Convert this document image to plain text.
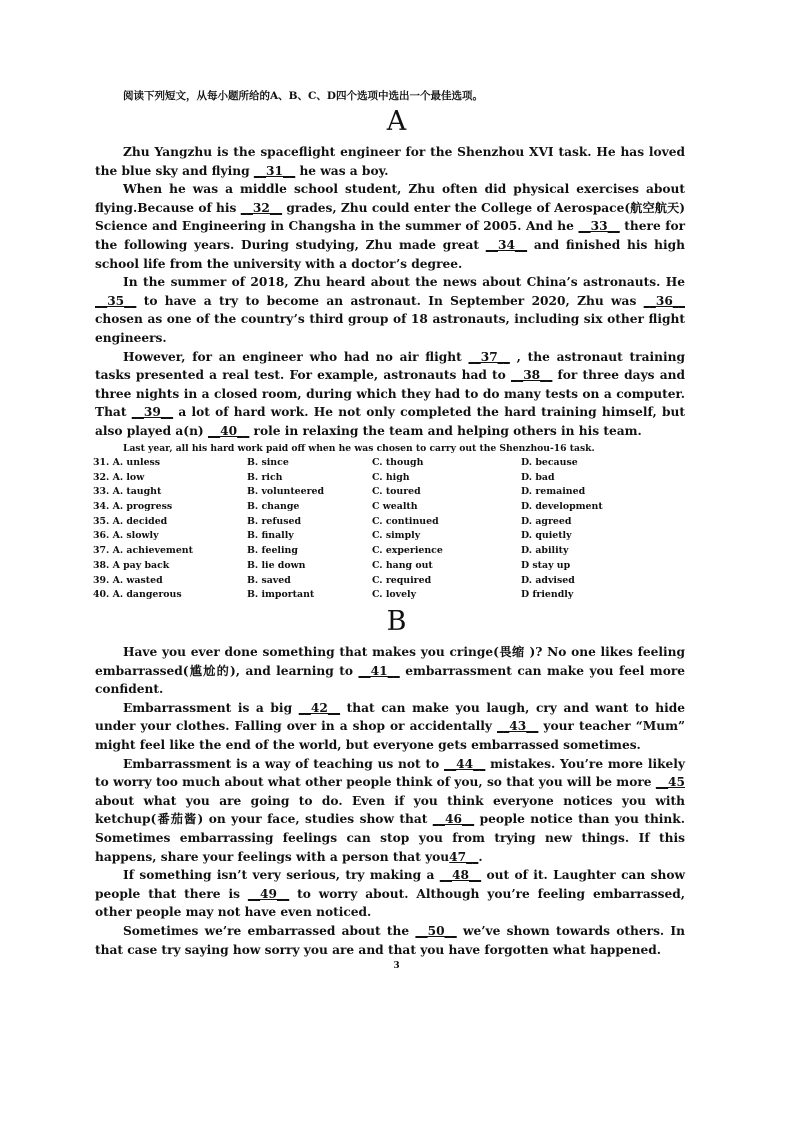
阅读下列短文，从每小题所给的A、B、C、D四个选项中选出一个最佳选项。
A

Zhu Yangzhu is the spaceflight engineer for the Shenzhou XVI task. He has loved the blue sky and flying __31__ he was a boy.

When he was a middle school student, Zhu often did physical exercises about flying.Because of his __32__ grades, Zhu could enter the College of Aerospace(航空航天) Science and Engineering in Changsha in the summer of 2005. And he __33__ there for the following years. During studying, Zhu made great __34__ and finished his high school life from the university with a doctor’s degree.

In the summer of 2018, Zhu heard about the news about China’s astronauts. He __35__ to have a try to become an astronaut. In September 2020, Zhu was __36__ chosen as one of the country’s third group of 18 astronauts, including six other flight engineers.

However, for an engineer who had no air flight __37__ , the astronaut training tasks presented a real test. For example, astronauts had to __38__ for three days and three nights in a closed room, during which they had to do many tests on a computer. That __39__ a lot of hard work. He not only completed the hard training himself, but also played a(n) __40__ role in relaxing the team and helping others in his team.

Last year, all his hard work paid off when he was chosen to carry out the Shenzhou-16 task.
31. A. unless	B. since	C. though	D. because
32. A. low	B. rich	C. high	D. bad
33. A. taught	B. volunteered	C. toured	D. remained
34. A. progress	B. change	C wealth	D. development
35. A. decided	B. refused	C. continued	D. agreed
36. A. slowly	B. finally	C. simply	D. quietly
37. A. achievement	B. feeling	C. experience	D. ability
38. A pay back	B. lie down	C. hang out	D stay up
39. A. wasted	B. saved	C. required	D. advised
40. A. dangerous	B. important	C. lovely	D friendly
B

Have you ever done something that makes you cringe(畏缩 )? No one likes feeling embarrassed(尴尬的), and learning to __41__ embarrassment can make you feel more confident.

Embarrassment is a big __42__ that can make you laugh, cry and want to hide under your clothes. Falling over in a shop or accidentally __43__ your teacher “Mum” might feel like the end of the world, but everyone gets embarrassed sometimes.

Embarrassment is a way of teaching us not to __44__ mistakes. You’re more likely to worry too much about what other people think of you, so that you will be more __45 about what you are going to do. Even if you think everyone notices you with ketchup(番茄酱) on your face, studies show that __46__ people notice than you think. Sometimes embarrassing feelings can stop you from trying new things. If this happens, share your feelings with a person that you47__.

If something isn’t very serious, try making a __48__ out of it. Laughter can show people that there is __49__ to worry about. Although you’re feeling embarrassed, other people may not have even noticed.

Sometimes we’re embarrassed about the __50__ we’ve shown towards others. In that case try saying how sorry you are and that you have forgotten what happened.

3
